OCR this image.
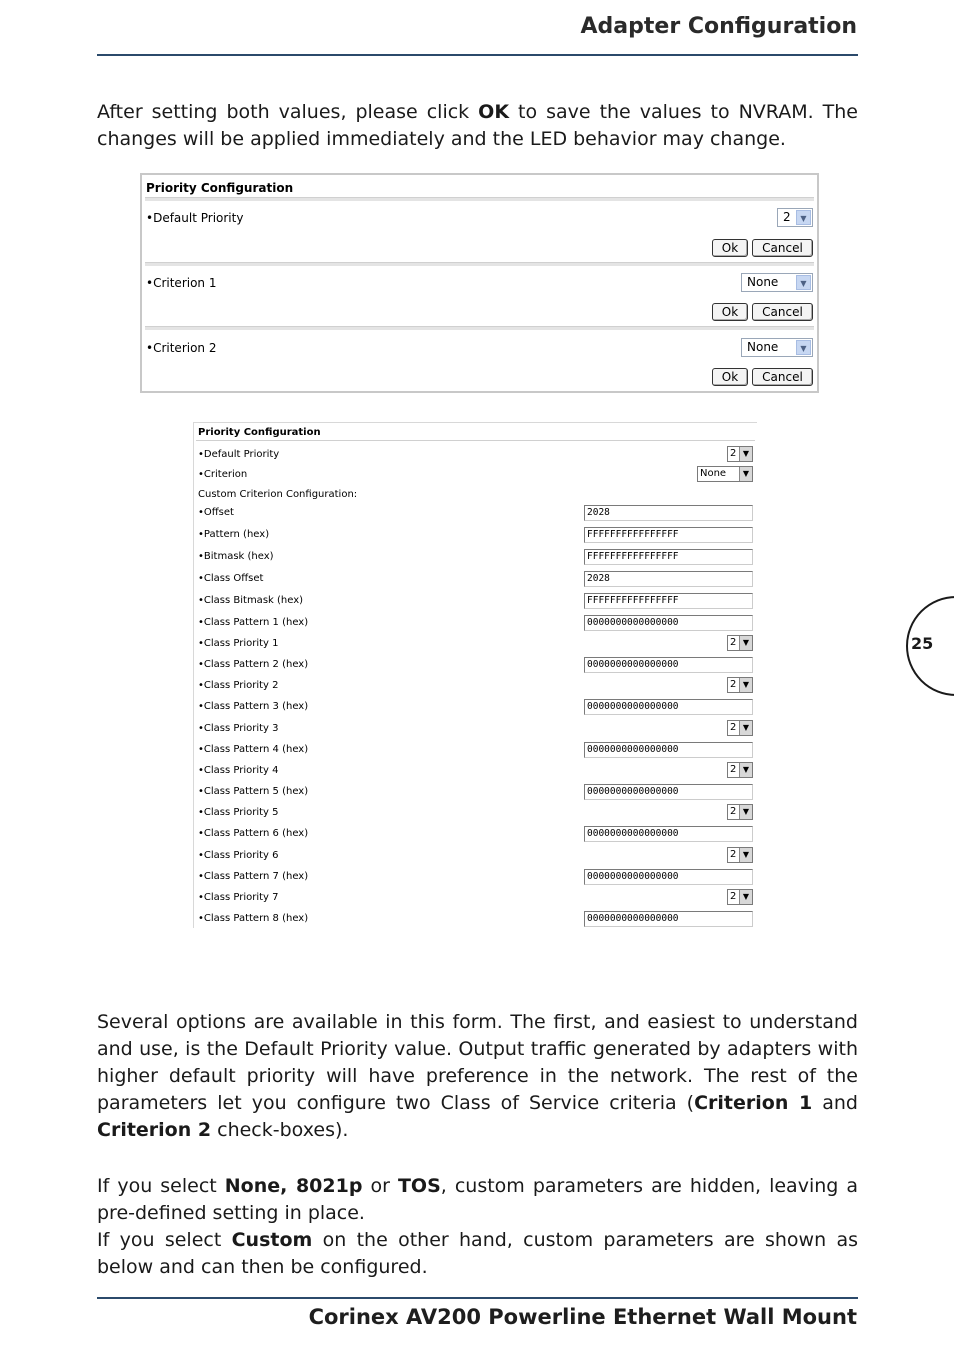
Adapter Configuration
After setting both values, please click OK to save the values to NVRAM. The changes will be applied immediately and the LED behavior may change.
Priority Configuration
•Default Priority	2	▼
Ok	Cancel
•Criterion 1	None	▼
Ok	Cancel
•Criterion 2	None	▼
Ok	Cancel
Priority Configuration
•Default Priority	2 ▼
•Criterion	None	▼
Custom Criterion Configuration:
•Offset	2028
•Pattern (hex)	FFFFFFFFFFFFFFFF
•Bitmask (hex)	FFFFFFFFFFFFFFFF
•Class Offset	2028
•Class Bitmask (hex)	FFFFFFFFFFFFFFFF
•Class Pattern 1 (hex)	0000000000000000
•Class Priority 1	2 ▼
•Class Pattern 2 (hex)	0000000000000000
•Class Priority 2	2 ▼
•Class Pattern 3 (hex)	0000000000000000
•Class Priority 3	2 ▼
•Class Pattern 4 (hex)	0000000000000000
•Class Priority 4	2 ▼
•Class Pattern 5 (hex)	0000000000000000
•Class Priority 5	2 ▼
•Class Pattern 6 (hex)	0000000000000000
•Class Priority 6	2 ▼
•Class Pattern 7 (hex)	0000000000000000
•Class Priority 7	2 ▼
•Class Pattern 8 (hex)	0000000000000000
25
Several options are available in this form. The first, and easiest to understand and use, is the Default Priority value. Output traffic generated by adapters with higher default priority will have preference in the network. The rest of the parameters let you configure two Class of Service criteria (Criterion 1 and Criterion 2 check-boxes).
If you select None, 8021p or TOS, custom parameters are hidden, leaving a pre-defined setting in place.
If you select Custom on the other hand, custom parameters are shown as below and can then be configured.
Corinex AV200 Powerline Ethernet Wall Mount
